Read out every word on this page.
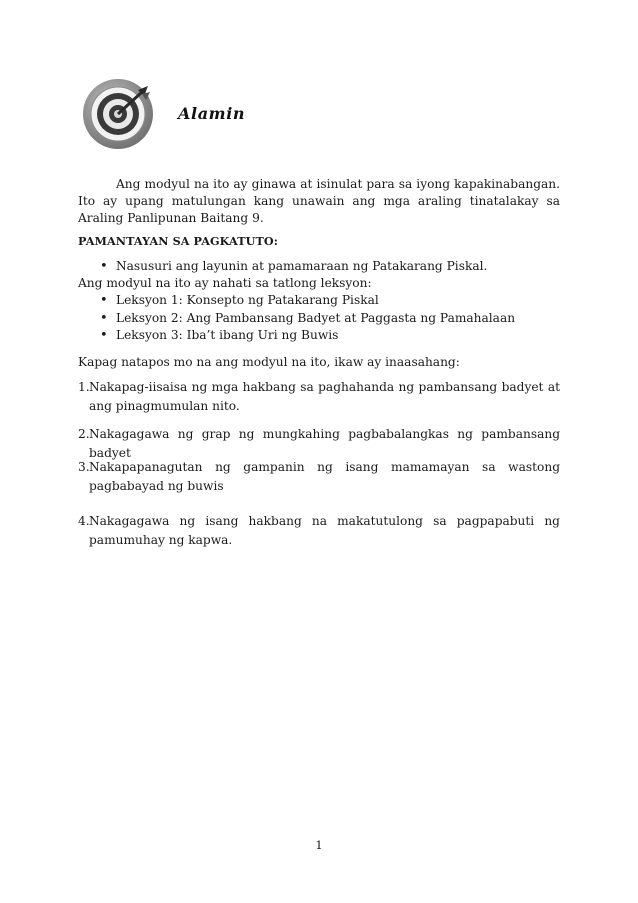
Alamin
Ang modyul na ito ay ginawa at isinulat para sa iyong kapakinabangan. Ito ay upang matulungan kang unawain ang mga araling tinatalakay sa Araling Panlipunan Baitang 9.
PAMANTAYAN SA PAGKATUTO:
• Nasusuri ang layunin at pamamaraan ng Patakarang Piskal.
Ang modyul na ito ay nahati sa tatlong leksyon:
• Leksyon 1: Konsepto ng Patakarang Piskal
• Leksyon 2: Ang Pambansang Badyet at Paggasta ng Pamahalaan
• Leksyon 3: Iba’t ibang Uri ng Buwis
Kapag natapos mo na ang modyul na ito, ikaw ay inaasahang:
1. Nakapag-iisaisa ng mga hakbang sa paghahanda ng pambansang badyet at ang pinagmumulan nito.
2. Nakagagawa ng grap ng mungkahing pagbabalangkas ng pambansang badyet
3. Nakapapanagutan ng gampanin ng isang mamamayan sa wastong pagbabayad ng buwis
4. Nakagagawa ng isang hakbang na makatutulong sa pagpapabuti ng pamumuhay ng kapwa.
1
